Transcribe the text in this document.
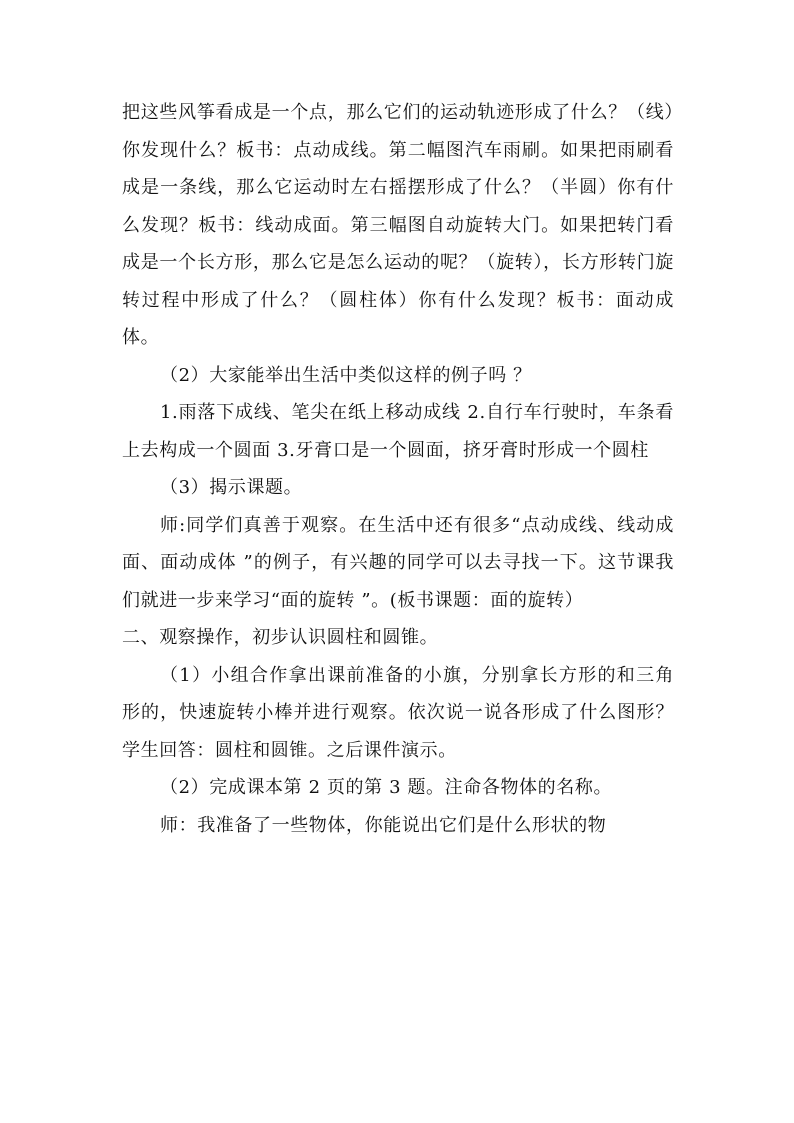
把这些风筝看成是一个点，那么它们的运动轨迹形成了什么？（线）你发现什么？板书：点动成线。第二幅图汽车雨刷。如果把雨刷看成是一条线，那么它运动时左右摇摆形成了什么？（半圆）你有什么发现？板书：线动成面。第三幅图自动旋转大门。如果把转门看成是一个长方形，那么它是怎么运动的呢？（旋转），长方形转门旋转过程中形成了什么？（圆柱体）你有什么发现？板书：面动成体。

（2）大家能举出生活中类似这样的例子吗 ？

1.雨落下成线、笔尖在纸上移动成线 2.自行车行驶时，车条看上去构成一个圆面 3.牙膏口是一个圆面，挤牙膏时形成一个圆柱

（3）揭示课题。

师:同学们真善于观察。在生活中还有很多“点动成线、线动成面、面动成体 ”的例子，有兴趣的同学可以去寻找一下。这节课我们就进一步来学习“面的旋转 ”。(板书课题：面的旋转）

二、观察操作，初步认识圆柱和圆锥。

（1）小组合作拿出课前准备的小旗，分别拿长方形的和三角形的，快速旋转小棒并进行观察。依次说一说各形成了什么图形？学生回答：圆柱和圆锥。之后课件演示。

（2）完成课本第 2 页的第 3 题。注命各物体的名称。

师：我准备了一些物体，你能说出它们是什么形状的物
